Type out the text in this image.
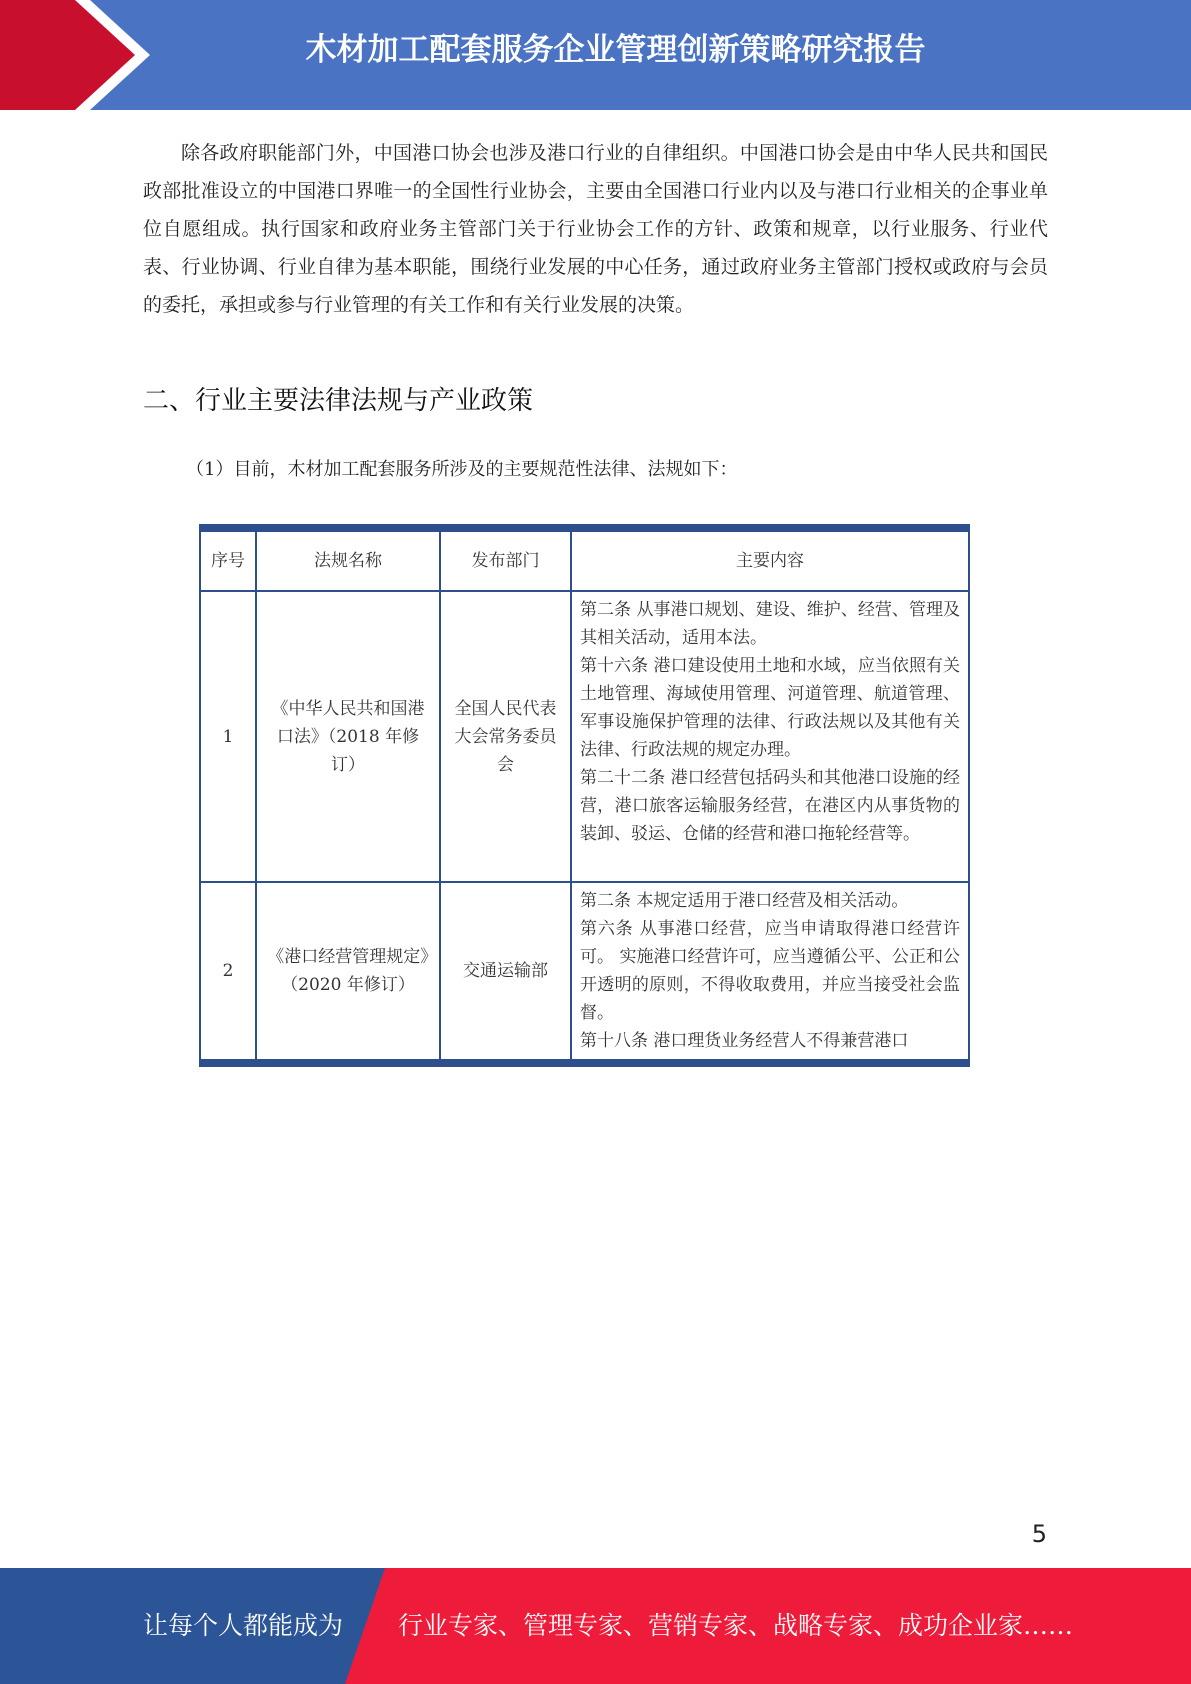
木材加工配套服务企业管理创新策略研究报告

除各政府职能部门外，中国港口协会也涉及港口行业的自律组织。中国港口协会是由中华人民共和国民政部批准设立的中国港口界唯一的全国性行业协会，主要由全国港口行业内以及与港口行业相关的企事业单位自愿组成。执行国家和政府业务主管部门关于行业协会工作的方针、政策和规章，以行业服务、行业代表、行业协调、行业自律为基本职能，围绕行业发展的中心任务，通过政府业务主管部门授权或政府与会员的委托，承担或参与行业管理的有关工作和有关行业发展的决策。

二、行业主要法律法规与产业政策

（1）目前，木材加工配套服务所涉及的主要规范性法律、法规如下：

序号	法规名称	发布部门	主要内容
1	《中华人民共和国港口法》（2018 年修订）	全国人民代表大会常务委员会	第二条 从事港口规划、建设、维护、经营、管理及其相关活动，适用本法。

第十六条 港口建设使用土地和水域，应当依照有关土地管理、海域使用管理、河道管理、航道管理、军事设施保护管理的法律、行政法规以及其他有关法律、行政法规的规定办理。

第二十二条 港口经营包括码头和其他港口设施的经营，港口旅客运输服务经营，在港区内从事货物的装卸、驳运、仓储的经营和港口拖轮经营等。

2	《港口经营管理规定》（2020 年修订）	交通运输部	第二条 本规定适用于港口经营及相关活动。

第六条 从事港口经营，应当申请取得港口经营许可。 实施港口经营许可，应当遵循公平、公正和公开透明的原则，不得收取费用，并应当接受社会监督。

第十八条 港口理货业务经营人不得兼营港口

5
让每个人都能成为 行业专家、管理专家、营销专家、战略专家、成功企业家……
